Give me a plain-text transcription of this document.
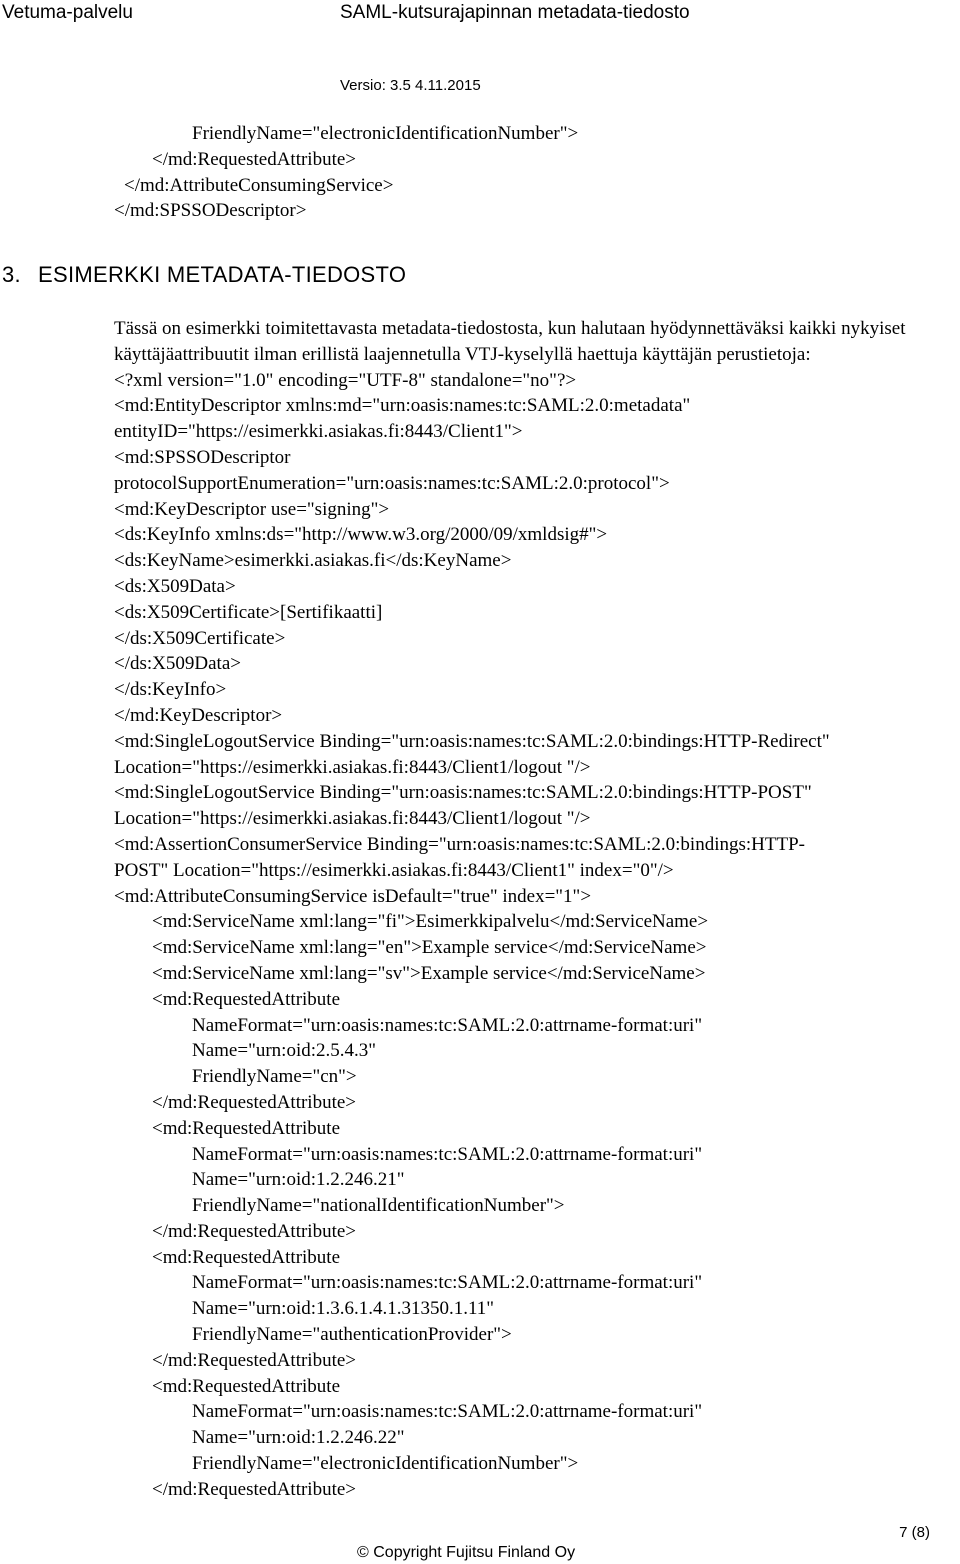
Vetuma-palvelu	SAML-kutsurajapinnan metadata-tiedosto
Versio: 3.5 4.11.2015
FriendlyName="electronicIdentificationNumber">
</md:RequestedAttribute>
</md:AttributeConsumingService>
</md:SPSSODescriptor>
3. ESIMERKKI METADATA-TIEDOSTO
Tässä on esimerkki toimitettavasta metadata-tiedostosta, kun halutaan hyödynnettäväksi kaikki nykyiset käyttäjäattribuutit ilman erillistä laajennetulla VTJ-kyselyllä haettuja käyttäjän perustietoja:
<?xml version="1.0" encoding="UTF-8" standalone="no"?>
<md:EntityDescriptor xmlns:md="urn:oasis:names:tc:SAML:2.0:metadata"
entityID="https://esimerkki.asiakas.fi:8443/Client1">
<md:SPSSODescriptor
protocolSupportEnumeration="urn:oasis:names:tc:SAML:2.0:protocol">
<md:KeyDescriptor use="signing">
<ds:KeyInfo xmlns:ds="http://www.w3.org/2000/09/xmldsig#">
<ds:KeyName>esimerkki.asiakas.fi</ds:KeyName>
<ds:X509Data>
<ds:X509Certificate>[Sertifikaatti]
</ds:X509Certificate>
</ds:X509Data>
</ds:KeyInfo>
</md:KeyDescriptor>
<md:SingleLogoutService Binding="urn:oasis:names:tc:SAML:2.0:bindings:HTTP-Redirect"
Location="https://esimerkki.asiakas.fi:8443/Client1/logout "/>
<md:SingleLogoutService Binding="urn:oasis:names:tc:SAML:2.0:bindings:HTTP-POST"
Location="https://esimerkki.asiakas.fi:8443/Client1/logout "/>
<md:AssertionConsumerService Binding="urn:oasis:names:tc:SAML:2.0:bindings:HTTP-
POST" Location="https://esimerkki.asiakas.fi:8443/Client1" index="0"/>
<md:AttributeConsumingService isDefault="true" index="1">
<md:ServiceName xml:lang="fi">Esimerkkipalvelu</md:ServiceName>
<md:ServiceName xml:lang="en">Example service</md:ServiceName>
<md:ServiceName xml:lang="sv">Example service</md:ServiceName>
<md:RequestedAttribute
NameFormat="urn:oasis:names:tc:SAML:2.0:attrname-format:uri"
Name="urn:oid:2.5.4.3"
FriendlyName="cn">
</md:RequestedAttribute>
<md:RequestedAttribute
NameFormat="urn:oasis:names:tc:SAML:2.0:attrname-format:uri"
Name="urn:oid:1.2.246.21"
FriendlyName="nationalIdentificationNumber">
</md:RequestedAttribute>
<md:RequestedAttribute
NameFormat="urn:oasis:names:tc:SAML:2.0:attrname-format:uri"
Name="urn:oid:1.3.6.1.4.1.31350.1.11"
FriendlyName="authenticationProvider">
</md:RequestedAttribute>
<md:RequestedAttribute
NameFormat="urn:oasis:names:tc:SAML:2.0:attrname-format:uri"
Name="urn:oid:1.2.246.22"
FriendlyName="electronicIdentificationNumber">
</md:RequestedAttribute>
7 (8)
© Copyright Fujitsu Finland Oy
